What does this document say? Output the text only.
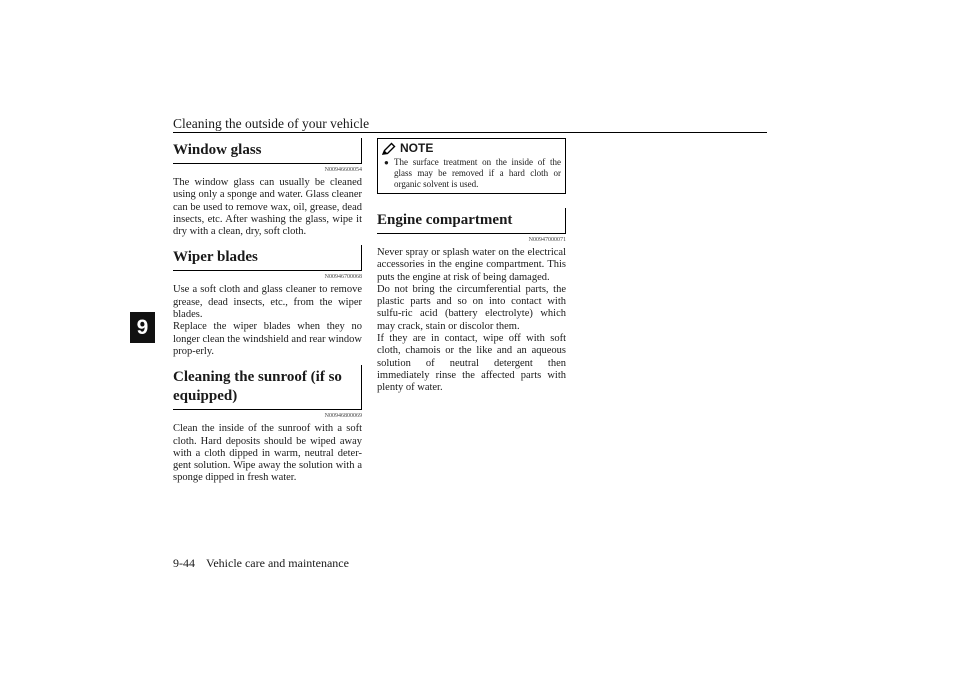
Cleaning the outside of your vehicle
9
Window glass
N00946600054

The window glass can usually be cleaned using only a sponge and water. Glass cleaner can be used to remove wax, oil, grease, dead insects, etc. After washing the glass, wipe it dry with a clean, dry, soft cloth.

Wiper blades
N00946700068

Use a soft cloth and glass cleaner to remove grease, dead insects, etc., from the wiper blades.

Replace the wiper blades when they no longer clean the windshield and rear window prop-erly.

Cleaning the sunroof (if so equipped)
N00946800069

Clean the inside of the sunroof with a soft cloth. Hard deposits should be wiped away with a cloth dipped in warm, neutral deter-gent solution. Wipe away the solution with a sponge dipped in fresh water.

NOTE
● The surface treatment on the inside of the glass may be removed if a hard cloth or organic solvent is used.

Engine compartment
N00947000071

Never spray or splash water on the electrical accessories in the engine compartment. This puts the engine at risk of being damaged.

Do not bring the circumferential parts, the plastic parts and so on into contact with sulfu-ric acid (battery electrolyte) which may crack, stain or discolor them.

If they are in contact, wipe off with soft cloth, chamois or the like and an aqueous solution of neutral detergent then immediately rinse the affected parts with plenty of water.

9-44 Vehicle care and maintenance
